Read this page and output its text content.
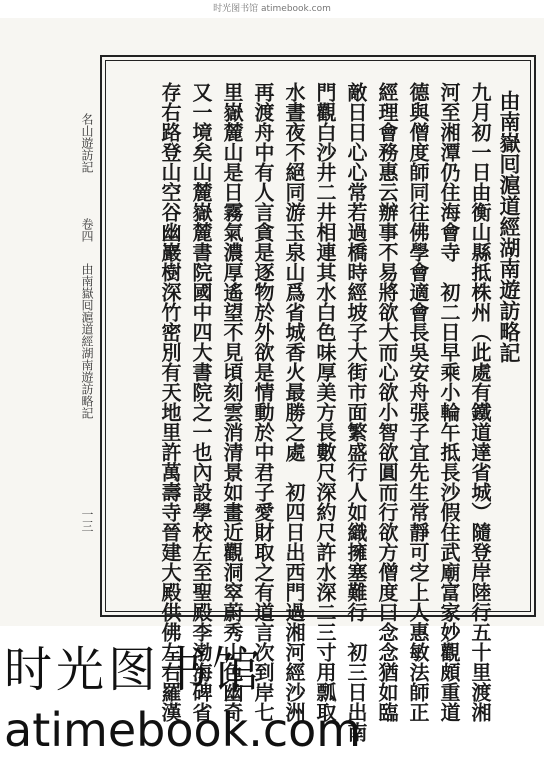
时光图书馆 atimebook.com
名山遊訪記
卷四
由南嶽囘滬道經湖南遊訪略記
一三
由南嶽囘滬道經湖南遊訪略記
九月初一日由衡山縣抵株州（此處有鐵道達省城）隨登岸陸行五十里渡湘
河至湘潭仍住海會寺　初二日早乘小輪午抵長沙假住武廟富家妙觀頗重道
德與僧度師同往佛學會適會長吳安舟張子宜先生常靜可㝎上人惠敏法師正
經理會務惠云辦事不易將欲大而心欲小智欲圓而行欲方僧度曰念念猶如臨
敵日日心心常若過橋時經坡子大街市面繁盛行人如織擁塞難行　初三日出南
門觀白沙井二井相連其水白色味厚美方長數尺深約尺許水深二三寸用瓢取
水晝夜不絕同游玉泉山爲省城香火最勝之處　初四日出西門過湘河經沙洲
再渡舟中有人言貪是逐物於外欲是情動於中君子愛財取之有道言次到岸七
里嶽麓山是日霧氣濃厚遙望不見頃刻雲消清景如畫近觀洞窣蔚秀山色幽奇
又一境矣山麓嶽麓書院國中四大書院之一也內設學校左至聖殿李渤海碑省
存右路登山空谷幽巖樹深竹密別有天地里許萬壽寺晉建大殿供佛左右羅漢
时光图书馆
atimebook.com
